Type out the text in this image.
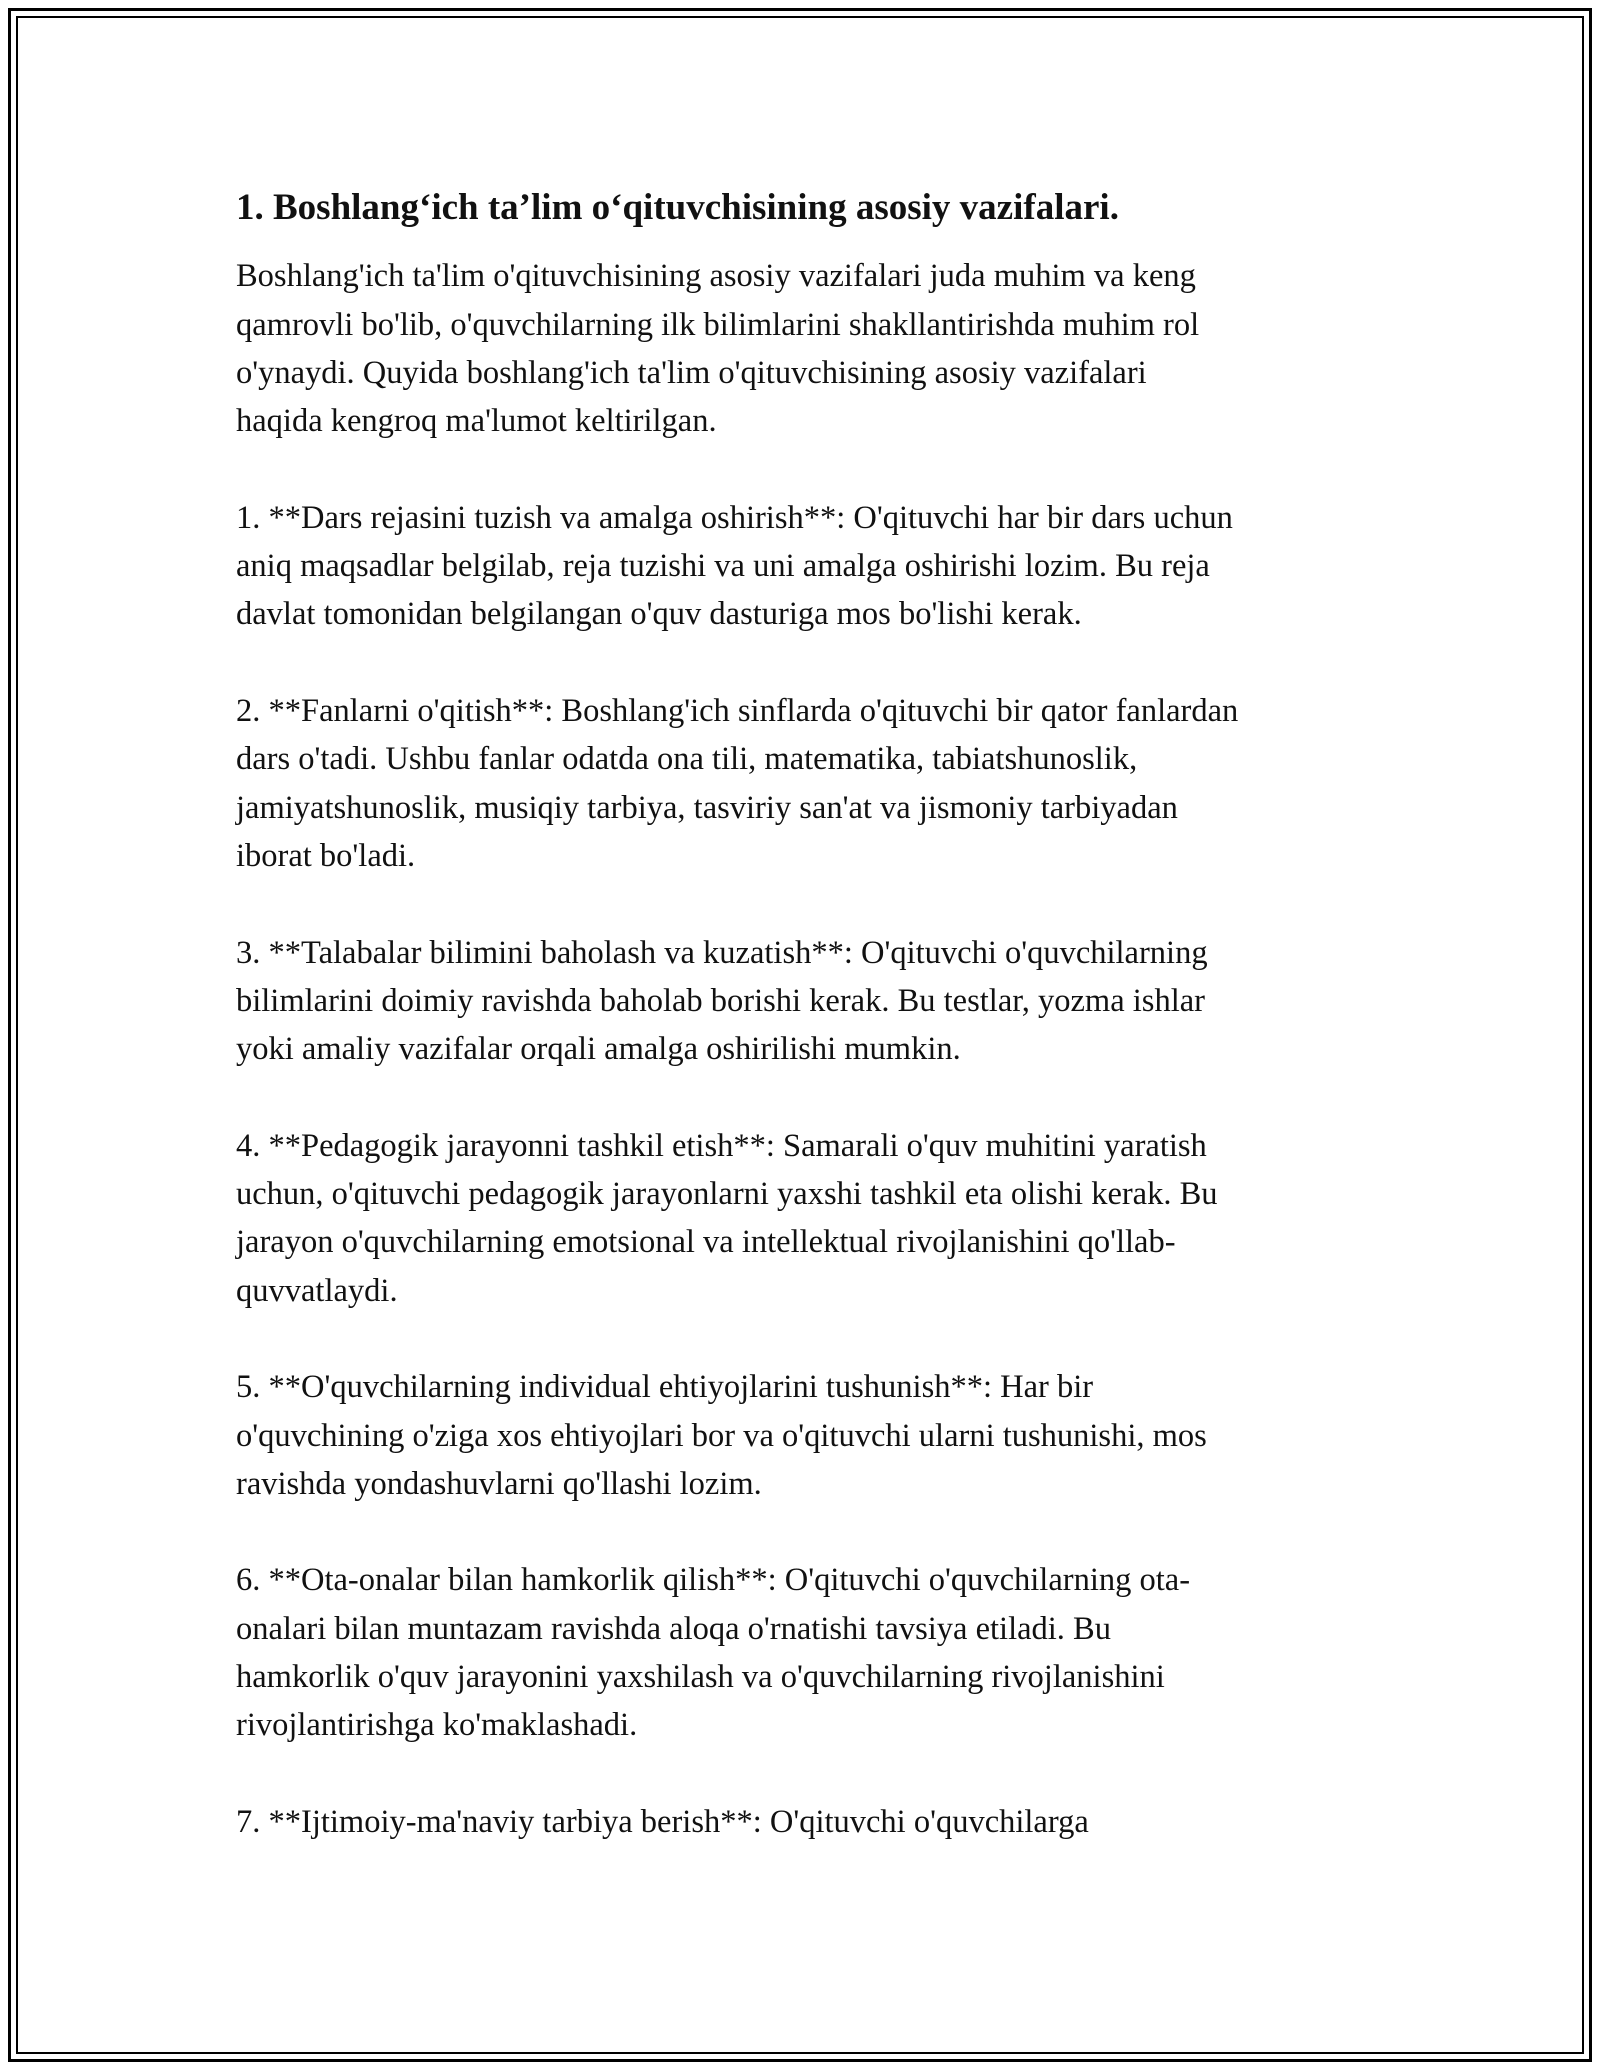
1. Boshlang‘ich ta’lim o‘qituvchisining asosiy vazifalari.

Boshlang'ich ta'lim o'qituvchisining asosiy vazifalari juda muhim va keng
qamrovli bo'lib, o'quvchilarning ilk bilimlarini shakllantirishda muhim rol
o'ynaydi. Quyida boshlang'ich ta'lim o'qituvchisining asosiy vazifalari
haqida kengroq ma'lumot keltirilgan.

1. **Dars rejasini tuzish va amalga oshirish**: O'qituvchi har bir dars uchun
aniq maqsadlar belgilab, reja tuzishi va uni amalga oshirishi lozim. Bu reja
davlat tomonidan belgilangan o'quv dasturiga mos bo'lishi kerak.

2. **Fanlarni o'qitish**: Boshlang'ich sinflarda o'qituvchi bir qator fanlardan
dars o'tadi. Ushbu fanlar odatda ona tili, matematika, tabiatshunoslik,
jamiyatshunoslik, musiqiy tarbiya, tasviriy san'at va jismoniy tarbiyadan
iborat bo'ladi.

3. **Talabalar bilimini baholash va kuzatish**: O'qituvchi o'quvchilarning
bilimlarini doimiy ravishda baholab borishi kerak. Bu testlar, yozma ishlar
yoki amaliy vazifalar orqali amalga oshirilishi mumkin.

4. **Pedagogik jarayonni tashkil etish**: Samarali o'quv muhitini yaratish
uchun, o'qituvchi pedagogik jarayonlarni yaxshi tashkil eta olishi kerak. Bu
jarayon o'quvchilarning emotsional va intellektual rivojlanishini qo'llab-
quvvatlaydi.

5. **O'quvchilarning individual ehtiyojlarini tushunish**: Har bir
o'quvchining o'ziga xos ehtiyojlari bor va o'qituvchi ularni tushunishi, mos
ravishda yondashuvlarni qo'llashi lozim.

6. **Ota-onalar bilan hamkorlik qilish**: O'qituvchi o'quvchilarning ota-
onalari bilan muntazam ravishda aloqa o'rnatishi tavsiya etiladi. Bu
hamkorlik o'quv jarayonini yaxshilash va o'quvchilarning rivojlanishini
rivojlantirishga ko'maklashadi.

7. **Ijtimoiy-ma'naviy tarbiya berish**: O'qituvchi o'quvchilarga
